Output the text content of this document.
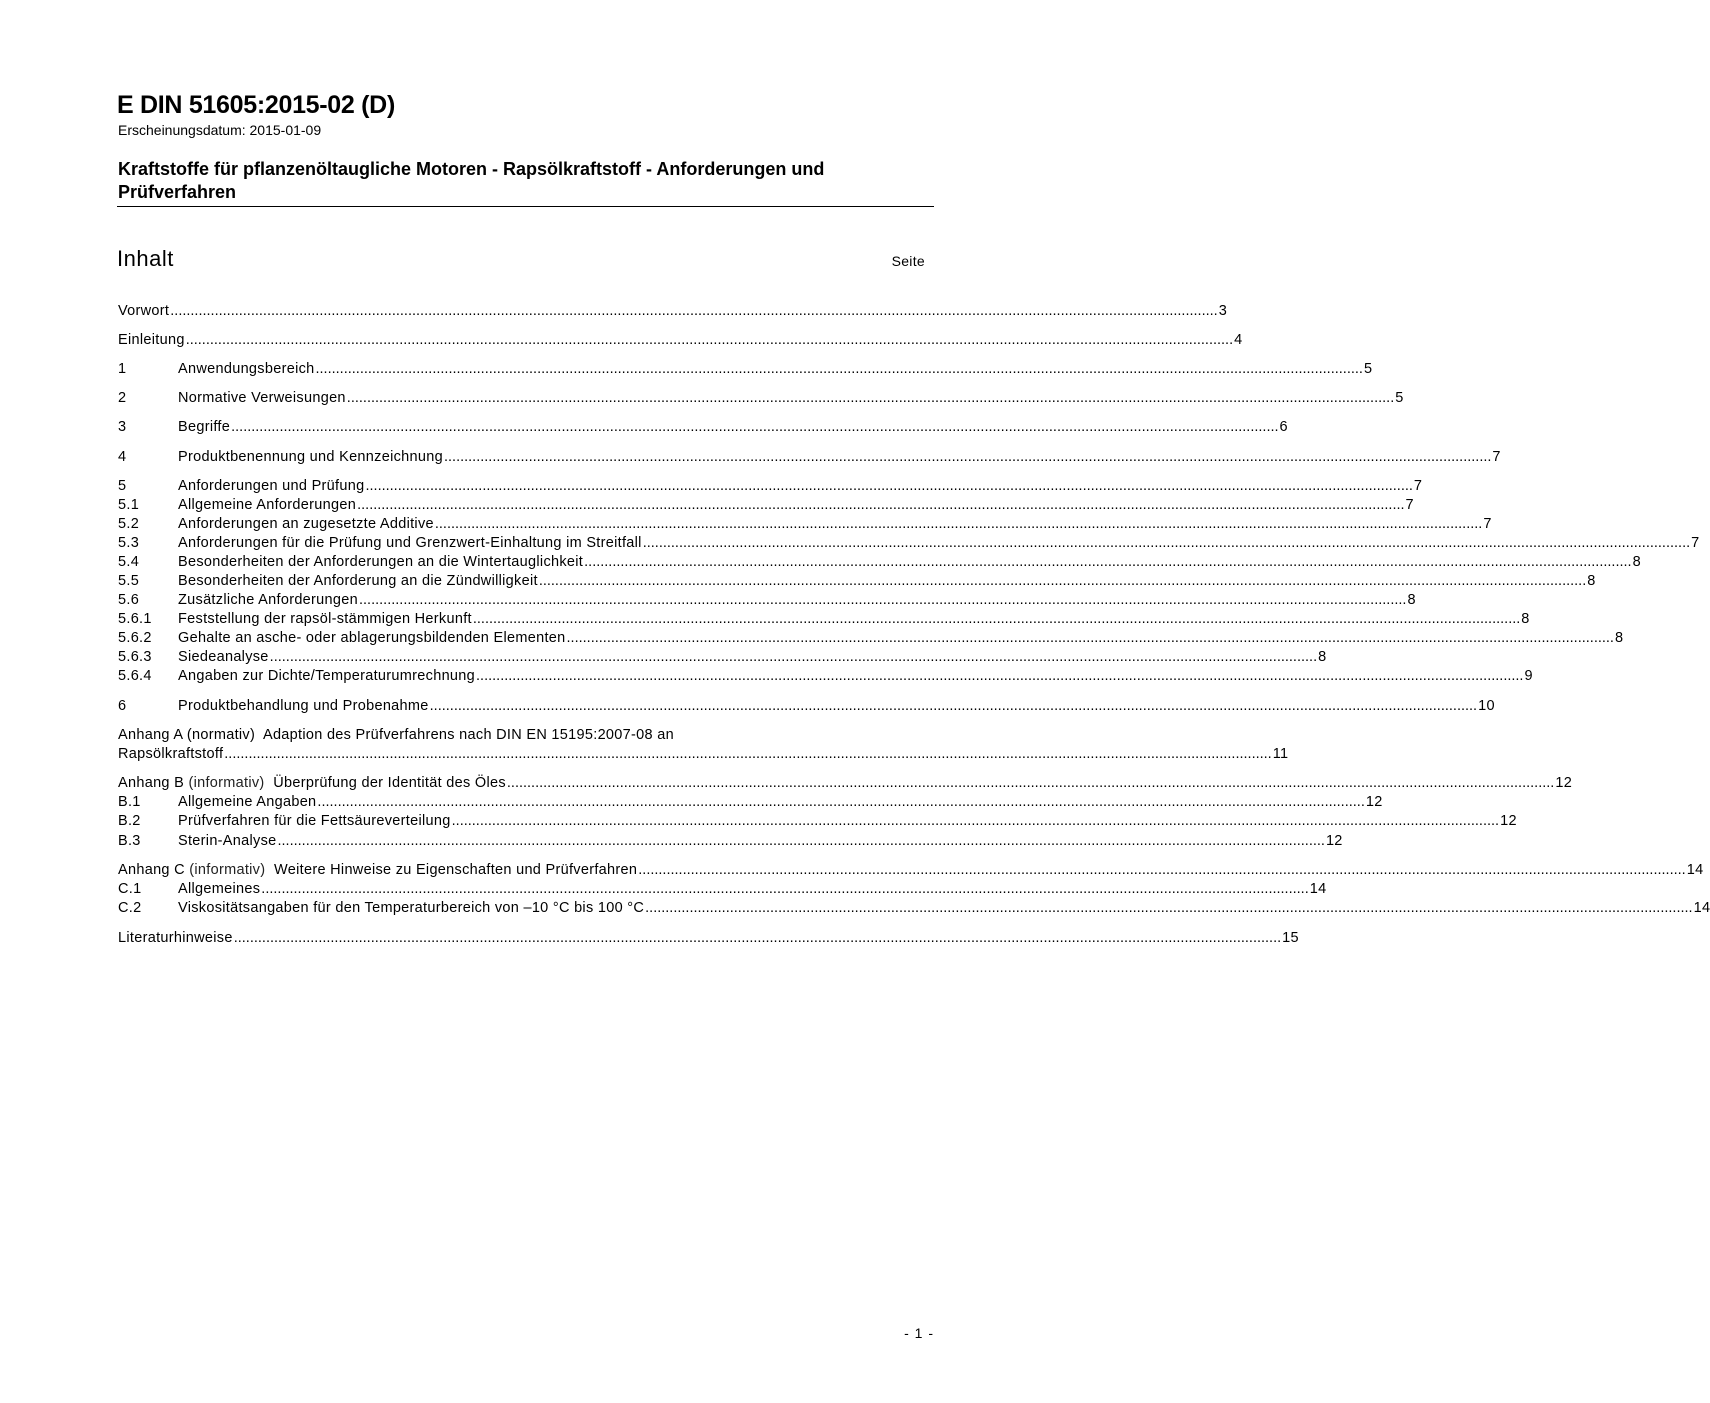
E DIN 51605:2015-02 (D)
Erscheinungsdatum: 2015-01-09
Kraftstoffe für pflanzenöltaugliche Motoren - Rapsölkraftstoff - Anforderungen und Prüfverfahren
Inhalt	Seite
Vorwort .................................................................................................................................................................................................................................................................... 3
Einleitung .................................................................................................................................................................................................................................................................... 4
1	Anwendungsbereich .................................................................................................................................................................................................................................................................... 5
2	Normative Verweisungen .................................................................................................................................................................................................................................................................... 5
3	Begriffe .................................................................................................................................................................................................................................................................... 6
4	Produktbenennung und Kennzeichnung .................................................................................................................................................................................................................................................................... 7
5	Anforderungen und Prüfung .................................................................................................................................................................................................................................................................... 7
5.1	Allgemeine Anforderungen .................................................................................................................................................................................................................................................................... 7
5.2	Anforderungen an zugesetzte Additive .................................................................................................................................................................................................................................................................... 7
5.3	Anforderungen für die Prüfung und Grenzwert-Einhaltung im Streitfall .................................................................................................................................................................................................................................................................... 7
5.4	Besonderheiten der Anforderungen an die Wintertauglichkeit .................................................................................................................................................................................................................................................................... 8
5.5	Besonderheiten der Anforderung an die Zündwilligkeit .................................................................................................................................................................................................................................................................... 8
5.6	Zusätzliche Anforderungen .................................................................................................................................................................................................................................................................... 8
5.6.1	Feststellung der rapsöl-stämmigen Herkunft .................................................................................................................................................................................................................................................................... 8
5.6.2	Gehalte an asche- oder ablagerungsbildenden Elementen .................................................................................................................................................................................................................................................................... 8
5.6.3	Siedeanalyse .................................................................................................................................................................................................................................................................... 8
5.6.4	Angaben zur Dichte/Temperaturumrechnung .................................................................................................................................................................................................................................................................... 9
6	Produktbehandlung und Probenahme .................................................................................................................................................................................................................................................................... 10
Anhang A (normativ) Adaption des Prüfverfahrens nach DIN EN 15195:2007-08 an
Rapsölkraftstoff .................................................................................................................................................................................................................................................................... 11
Anhang B (informativ) Überprüfung der Identität des Öles .................................................................................................................................................................................................................................................................... 12
B.1	Allgemeine Angaben .................................................................................................................................................................................................................................................................... 12
B.2	Prüfverfahren für die Fettsäureverteilung .................................................................................................................................................................................................................................................................... 12
B.3	Sterin-Analyse .................................................................................................................................................................................................................................................................... 12
Anhang C (informativ) Weitere Hinweise zu Eigenschaften und Prüfverfahren .................................................................................................................................................................................................................................................................... 14
C.1	Allgemeines .................................................................................................................................................................................................................................................................... 14
C.2	Viskositätsangaben für den Temperaturbereich von –10 °C bis 100 °C .................................................................................................................................................................................................................................................................... 14
Literaturhinweise .................................................................................................................................................................................................................................................................... 15
- 1 -
